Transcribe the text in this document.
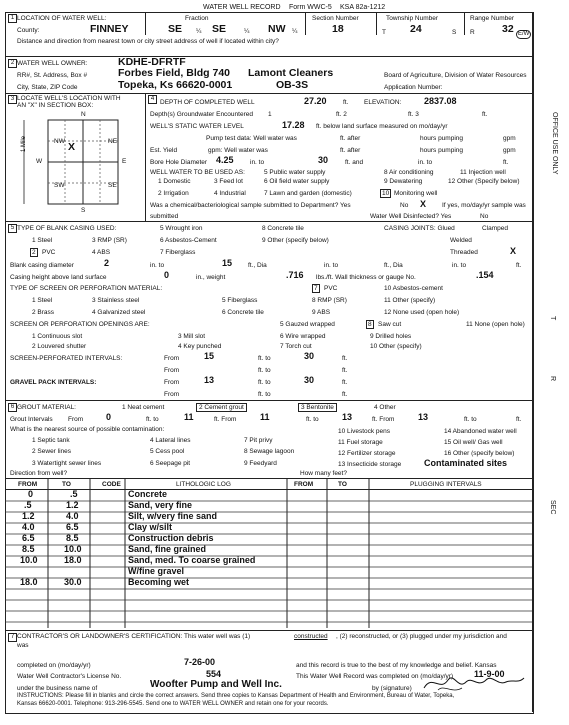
WATER WELL RECORD Form WWC-5 KSA 82a-1212
1 LOCATION OF WATER WELL:	Fraction	Section Number	Township Number	Range Number
County:	FINNEY	SE ¼ SE	¼ NW ¼	18	T 24	S R	32 E/W
Distance and direction from nearest town or city street address of well if located within city?
2 WATER WELL OWNER:	KDHE-DFRTF
RR#, St. Address, Box #	Forbes Field, Bldg 740 Lamont Cleaners	Board of Agriculture, Division of Water Resources
City, State, ZIP Code	Topeka, Ks 66620-0001	OB-3S	Application Number:
3 LOCATE WELL'S LOCATION WITH
AN "X" IN SECTION BOX:
N
S
W	E
NW	NE
SW	SE
X
1 Mile
4 DEPTH OF COMPLETED WELL	27.20	ft. ELEVATION:	2837.08
Depth(s) Groundwater Encountered 1	ft. 2	ft. 3	ft.
WELL'S STATIC WATER LEVEL	17.28 ft. below land surface measured on mo/day/yr
Pump test data: Well water was	ft. after	hours pumping	gpm
Est. Yield	gpm: Well water was	ft. after	hours pumping	gpm
Bore Hole Diameter 4.25	in. to	30	ft. and	in. to	ft.
WELL WATER TO BE USED AS:	5 Public water supply	8 Air conditioning	11 Injection well
1 Domestic	3 Feed lot	6 Oil field water supply	9 Dewatering	12 Other (Specify below)
2 Irrigation	4 Industrial	7 Lawn and garden (domestic)	10 Monitoring well
Was a chemical/bacteriological sample submitted to Department? Yes	No X If yes, mo/day/yr sample was
submitted	Water Well Disinfected? Yes	No
5 TYPE OF BLANK CASING USED:	5 Wrought iron	8 Concrete tile	CASING JOINTS: Glued	Clamped
1 Steel	3 RMP (SR)	6 Asbestos-Cement	9 Other (specify below)	Welded
2 PVC	4 ABS	7 Fiberglass	Threaded	X
Blank casing diameter	2	in. to	15 ft., Dia	in. to	ft., Dia	in. to	ft.
Casing height above land surface	0	in., weight	.716 lbs./ft. Wall thickness or gauge No.	.154
TYPE OF SCREEN OR PERFORATION MATERIAL:	7 PVC	10 Asbestos-cement
1 Steel	3 Stainless steel	5 Fiberglass	8 RMP (SR)	11 Other (specify)
2 Brass	4 Galvanized steel	6 Concrete tile	9 ABS	12 None used (open hole)
SCREEN OR PERFORATION OPENINGS ARE:	5 Gauzed wrapped	8 Saw cut	11 None (open hole)
1 Continuous slot	3 Mill slot	6 Wire wrapped	9 Drilled holes
2 Louvered shutter	4 Key punched	7 Torch cut	10 Other (specify)
SCREEN-PERFORATED INTERVALS:	From	15	ft. to	30	ft.
From	ft. to	ft.
GRAVEL PACK INTERVALS:	From	13	ft. to	30	ft.
From	ft. to	ft.
6 GROUT MATERIAL:	1 Neat cement	2 Cement grout	3 Bentonite	4 Other
Grout Intervals From	0	ft. to	11	ft. From	11	ft. to	13	ft. From	13	ft. to	ft.
What is the nearest source of possible contamination:
1 Septic tank	4 Lateral lines	7 Pit privy
10 Livestock pens	14 Abandoned water well
2 Sewer lines	5 Cess pool	8 Sewage lagoon
11 Fuel storage	15 Oil well/ Gas well
3 Watertight sewer lines	6 Seepage pit	9 Feedyard
12 Fertilizer storage	16 Other (specify below)
13 Insecticide storage	Contaminated sites
Direction from well?	How many feet?
FROM	TO	CODE	LITHOLOGIC LOG	FROM	TO	PLUGGING INTERVALS
0	.5	Concrete
.5	1.2	Sand, very fine
1.2	4.0	Silt, w/very fine sand
4.0	6.5	Clay w/silt
6.5	8.5	Construction debris
8.5	10.0	Sand, fine grained
10.0	18.0	Sand, med. To coarse grained
W/fine gravel
18.0	30.0	Becoming wet
7 CONTRACTOR'S OR LANDOWNER'S CERTIFICATION: This water well was (1)	constructed , (2) reconstructed, or (3) plugged under my jurisdiction and
was
completed on (mo/day/yr)	7-26-00	and this record is true to the best of my knowledge and belief. Kansas
Water Well Contractor's License No.	554	This Water Well Record was completed on (mo/day/yr) 11-9-00
under the business name of	Woofter Pump and Well Inc.	by (signature)
INSTRUCTIONS: Please fill in blanks and circle the correct answers. Send three copies to Kansas Department of Health and Environment, Bureau of Water, Topeka,
Kansas 66620-0001. Telephone: 913-296-5545. Send one to WATER WELL OWNER and retain one for your records.
OFFICE USE ONLY
T
R
SEC
